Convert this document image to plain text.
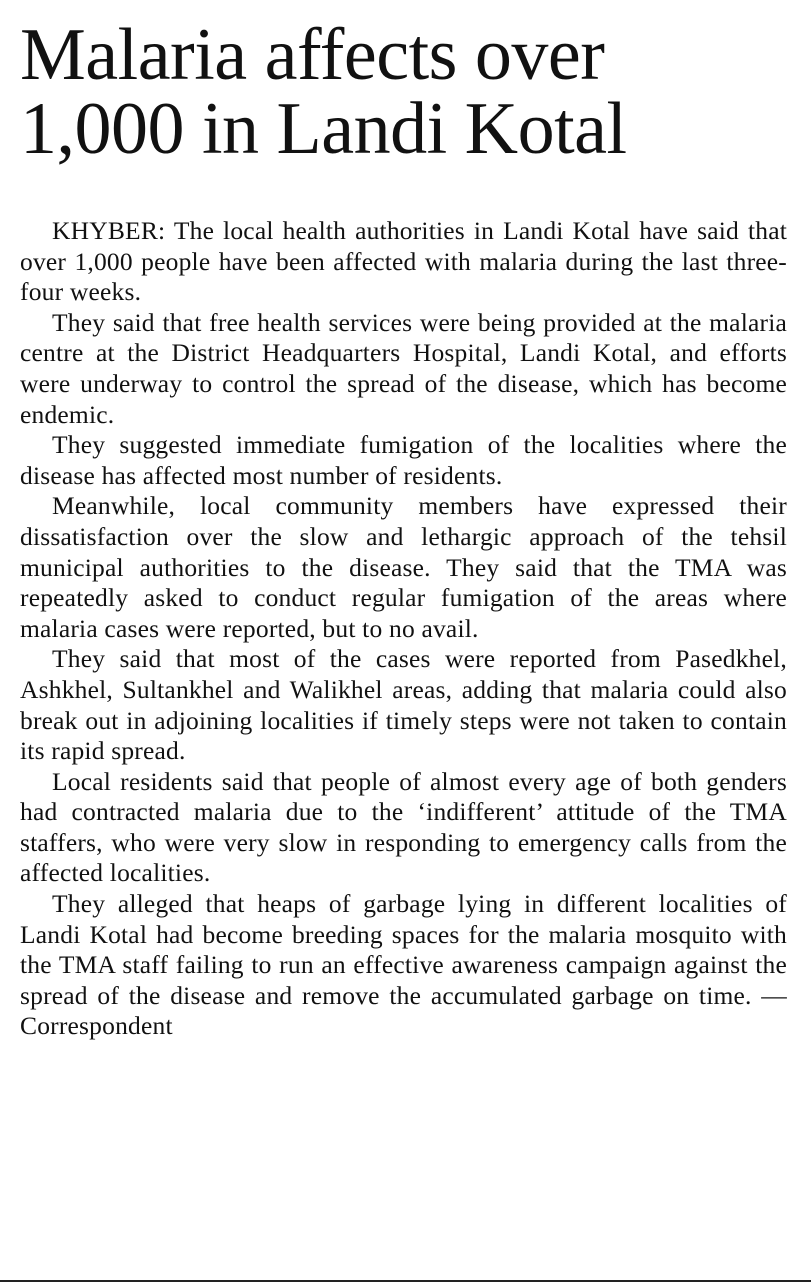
Malaria affects over
1,000 in Landi Kotal

KHYBER: The local health authorities in Landi Kotal have said that over 1,000 people have been affected with malaria during the last three-four weeks.

They said that free health services were being provided at the malaria centre at the District Headquarters Hospital, Landi Kotal, and efforts were underway to control the spread of the disease, which has become endemic.

They suggested immediate fumigation of the localities where the disease has affected most number of residents.

Meanwhile, local community members have expressed their dissatisfaction over the slow and lethargic approach of the tehsil municipal authorities to the disease. They said that the TMA was repeatedly asked to conduct regular fumigation of the areas where malaria cases were reported, but to no avail.

They said that most of the cases were reported from Pasedkhel, Ashkhel, Sultankhel and Walikhel areas, adding that malaria could also break out in adjoining localities if timely steps were not taken to contain its rapid spread.

Local residents said that people of almost every age of both genders had contracted malaria due to the ‘indifferent’ attitude of the TMA staffers, who were very slow in responding to emergency calls from the affected localities.

They alleged that heaps of garbage lying in different localities of Landi Kotal had become breeding spaces for the malaria mosquito with the TMA staff failing to run an effective awareness campaign against the spread of the disease and remove the accumulated garbage on time. — Correspondent
